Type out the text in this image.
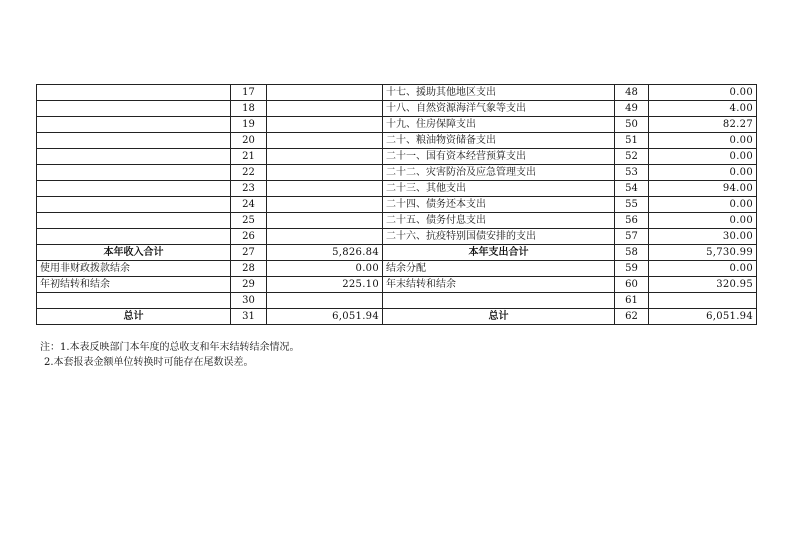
	17		十七、援助其他地区支出	48	0.00
	18		十八、自然资源海洋气象等支出	49	4.00
	19		十九、住房保障支出	50	82.27
	20		二十、粮油物资储备支出	51	0.00
	21		二十一、国有资本经营预算支出	52	0.00
	22		二十二、灾害防治及应急管理支出	53	0.00
	23		二十三、其他支出	54	94.00
	24		二十四、债务还本支出	55	0.00
	25		二十五、债务付息支出	56	0.00
	26		二十六、抗疫特别国债安排的支出	57	30.00
本年收入合计	27	5,826.84	本年支出合计	58	5,730.99
使用非财政拨款结余	28	0.00	结余分配	59	0.00
年初结转和结余	29	225.10	年末结转和结余	60	320.95
	30			61	
总计	31	6,051.94	总计	62	6,051.94
注：1.本表反映部门本年度的总收支和年末结转结余情况。
2.本套报表金额单位转换时可能存在尾数误差。
